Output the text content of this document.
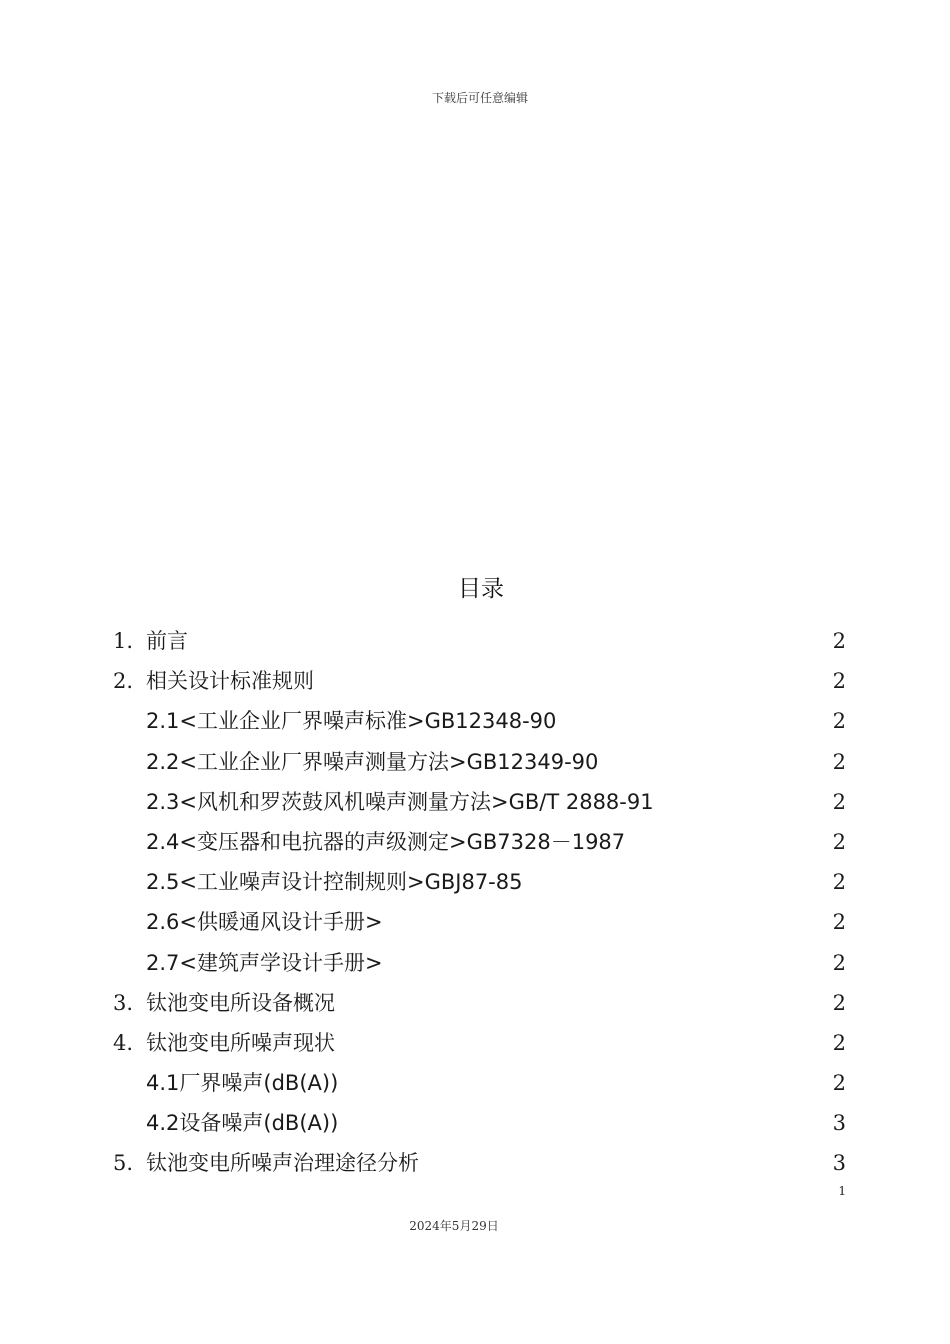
下载后可任意编辑
目录
1. 前言	2
2. 相关设计标准规则	2
2.1<工业企业厂界噪声标准>GB12348-90	2
2.2<工业企业厂界噪声测量方法>GB12349-90	2
2.3<风机和罗茨鼓风机噪声测量方法>GB/T 2888-91	2
2.4<变压器和电抗器的声级测定>GB7328－1987	2
2.5<工业噪声设计控制规则>GBJ87-85	2
2.6<供暖通风设计手册>	2
2.7<建筑声学设计手册>	2
3. 钛池变电所设备概况	2
4. 钛池变电所噪声现状	2
4.1厂界噪声(dB(A))	2
4.2设备噪声(dB(A))	3
5. 钛池变电所噪声治理途径分析	3
1
2024年5月29日
